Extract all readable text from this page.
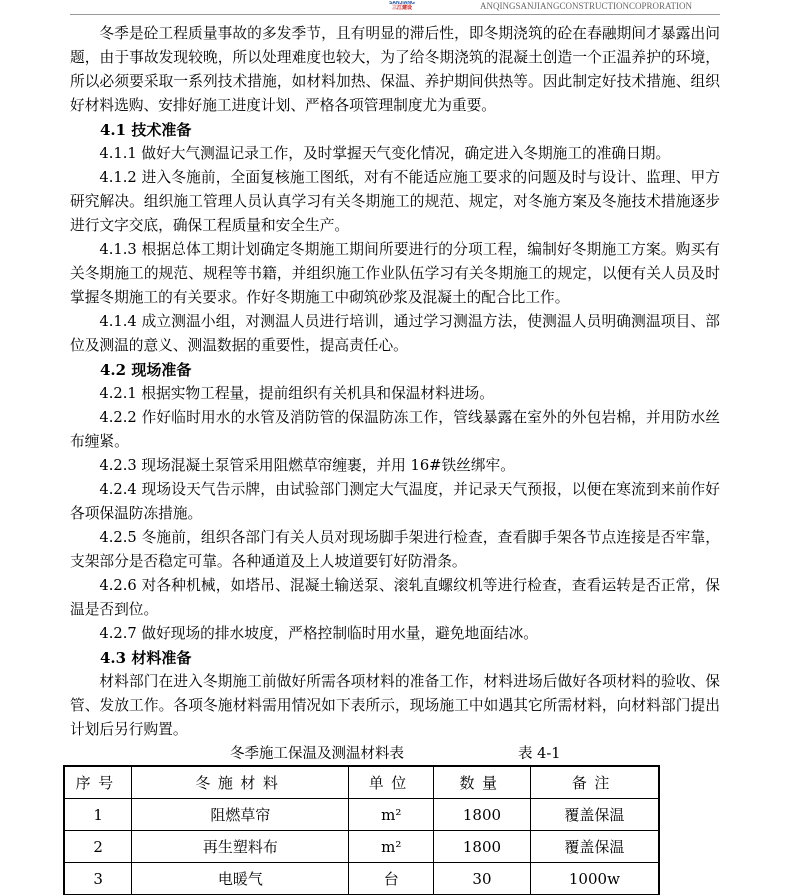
SANJIANG
三江建设	ANQINGSANJIANGCONSTRUCTIONCOPRORATION

冬季是砼工程质量事故的多发季节，且有明显的滞后性，即冬期浇筑的砼在春融期间才暴露出问题，由于事故发现较晚，所以处理难度也较大，为了给冬期浇筑的混凝土创造一个正温养护的环境，所以必须要采取一系列技术措施，如材料加热、保温、养护期间供热等。因此制定好技术措施、组织好材料选购、安排好施工进度计划、严格各项管理制度尤为重要。

4.1 技术准备

4.1.1 做好大气测温记录工作，及时掌握天气变化情况，确定进入冬期施工的准确日期。

4.1.2 进入冬施前，全面复核施工图纸，对有不能适应施工要求的问题及时与设计、监理、甲方研究解决。组织施工管理人员认真学习有关冬期施工的规范、规定，对冬施方案及冬施技术措施逐步进行文字交底，确保工程质量和安全生产。

4.1.3 根据总体工期计划确定冬期施工期间所要进行的分项工程，编制好冬期施工方案。购买有关冬期施工的规范、规程等书籍，并组织施工作业队伍学习有关冬期施工的规定，以便有关人员及时掌握冬期施工的有关要求。作好冬期施工中砌筑砂浆及混凝土的配合比工作。

4.1.4 成立测温小组，对测温人员进行培训，通过学习测温方法，使测温人员明确测温项目、部位及测温的意义、测温数据的重要性，提高责任心。

4.2 现场准备

4.2.1 根据实物工程量，提前组织有关机具和保温材料进场。

4.2.2 作好临时用水的水管及消防管的保温防冻工作，管线暴露在室外的外包岩棉，并用防水丝布缠紧。

4.2.3 现场混凝土泵管采用阻燃草帘缠裹，并用 16#铁丝绑牢。

4.2.4 现场设天气告示牌，由试验部门测定大气温度，并记录天气预报，以便在寒流到来前作好各项保温防冻措施。

4.2.5 冬施前，组织各部门有关人员对现场脚手架进行检查，查看脚手架各节点连接是否牢靠，支架部分是否稳定可靠。各种通道及上人坡道要钉好防滑条。

4.2.6 对各种机械，如塔吊、混凝土输送泵、滚轧直螺纹机等进行检查，查看运转是否正常，保温是否到位。

4.2.7 做好现场的排水坡度，严格控制临时用水量，避免地面结冰。

4.3 材料准备

材料部门在进入冬期施工前做好所需各项材料的准备工作，材料进场后做好各项材料的验收、保管、发放工作。各项冬施材料需用情况如下表所示，现场施工中如遇其它所需材料，向材料部门提出计划后另行购置。

冬季施工保温及测温材料表	表 4-1
序号	冬施材料	单位	数量	备注
1	阻燃草帘	m²	1800	覆盖保温
2	再生塑料布	m²	1800	覆盖保温
3	电暖气	台	30	1000w
